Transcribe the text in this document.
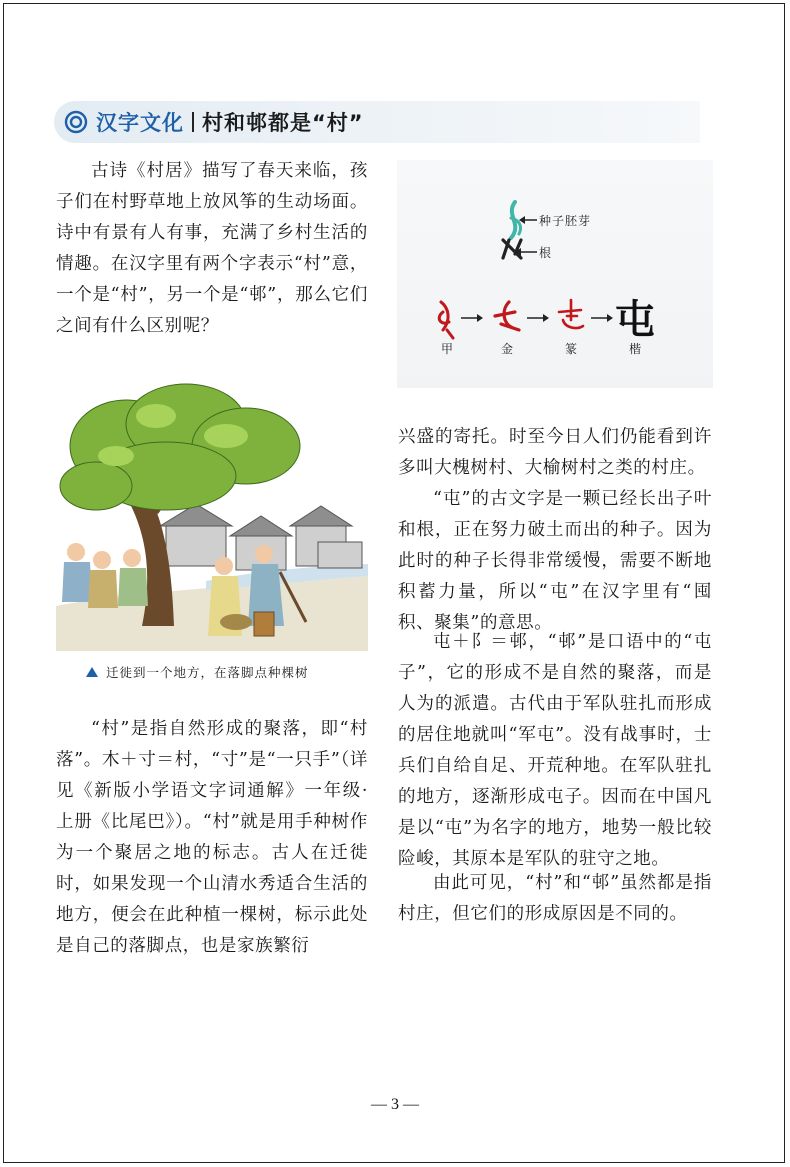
汉字文化 村和邨都是“村”

古诗《村居》描写了春天来临，孩子们在村野草地上放风筝的生动场面。诗中有景有人有事，充满了乡村生活的情趣。在汉字里有两个字表示“村”意，一个是“村”，另一个是“邨”，那么它们之间有什么区别呢？

种子胚芽
根
屯
甲	金	篆	楷
迁徙到一个地方，在落脚点种棵树

“村”是指自然形成的聚落，即“村落”。木＋寸＝村，“寸”是“一只手”（详见《新版小学语文字词通解》一年级·上册《比尾巴》）。“村”就是用手种树作为一个聚居之地的标志。古人在迁徙时，如果发现一个山清水秀适合生活的地方，便会在此种植一棵树，标示此处是自己的落脚点，也是家族繁衍

兴盛的寄托。时至今日人们仍能看到许多叫大槐树村、大榆树村之类的村庄。

“屯”的古文字是一颗已经长出子叶和根，正在努力破土而出的种子。因为此时的种子长得非常缓慢，需要不断地积蓄力量，所以“屯”在汉字里有“囤积、聚集”的意思。

屯＋阝＝邨，“邨”是口语中的“屯子”，它的形成不是自然的聚落，而是人为的派遣。古代由于军队驻扎而形成的居住地就叫“军屯”。没有战事时，士兵们自给自足、开荒种地。在军队驻扎的地方，逐渐形成屯子。因而在中国凡是以“屯”为名字的地方，地势一般比较险峻，其原本是军队的驻守之地。

由此可见，“村”和“邨”虽然都是指村庄，但它们的形成原因是不同的。

— 3 —
